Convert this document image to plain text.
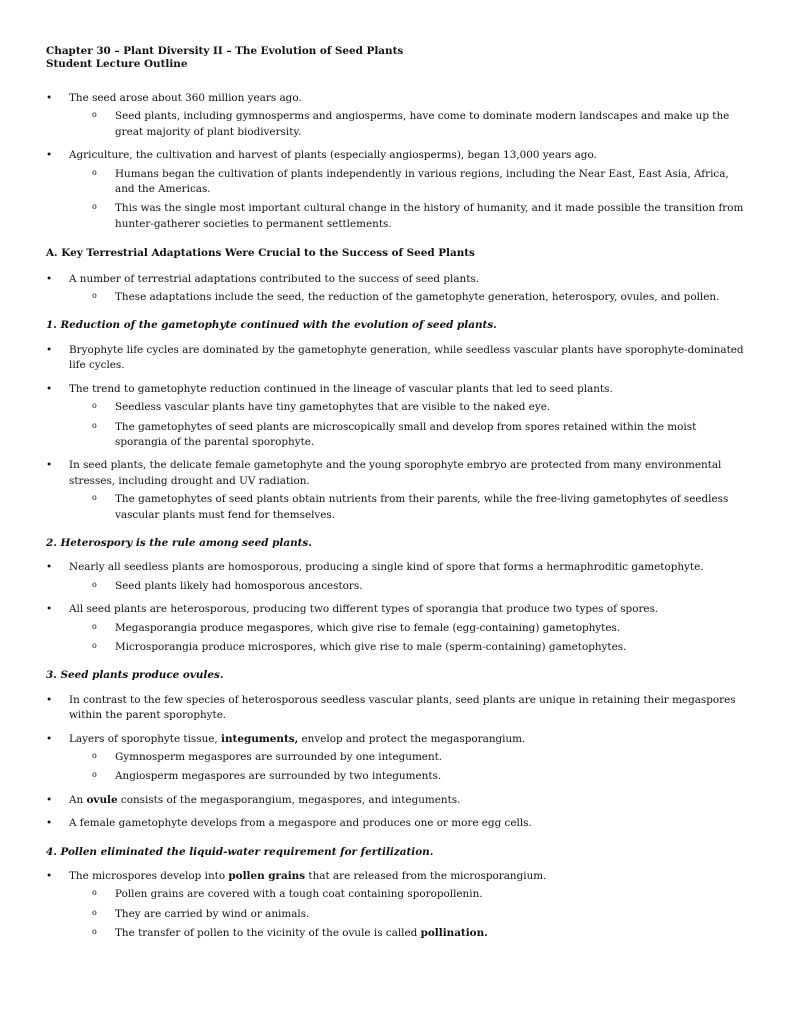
Chapter 30 – Plant Diversity II – The Evolution of Seed Plants
Student Lecture Outline
• The seed arose about 360 million years ago.
o Seed plants, including gymnosperms and angiosperms, have come to dominate modern landscapes and make up the great majority of plant biodiversity.
• Agriculture, the cultivation and harvest of plants (especially angiosperms), began 13,000 years ago.
o Humans began the cultivation of plants independently in various regions, including the Near East, East Asia, Africa, and the Americas.
o This was the single most important cultural change in the history of humanity, and it made possible the transition from hunter-gatherer societies to permanent settlements.
A. Key Terrestrial Adaptations Were Crucial to the Success of Seed Plants
• A number of terrestrial adaptations contributed to the success of seed plants.
o These adaptations include the seed, the reduction of the gametophyte generation, heterospory, ovules, and pollen.
1. Reduction of the gametophyte continued with the evolution of seed plants.
• Bryophyte life cycles are dominated by the gametophyte generation, while seedless vascular plants have sporophyte-dominated life cycles.
• The trend to gametophyte reduction continued in the lineage of vascular plants that led to seed plants.
o Seedless vascular plants have tiny gametophytes that are visible to the naked eye.
o The gametophytes of seed plants are microscopically small and develop from spores retained within the moist sporangia of the parental sporophyte.
• In seed plants, the delicate female gametophyte and the young sporophyte embryo are protected from many environmental stresses, including drought and UV radiation.
o The gametophytes of seed plants obtain nutrients from their parents, while the free-living gametophytes of seedless vascular plants must fend for themselves.
2. Heterospory is the rule among seed plants.
• Nearly all seedless plants are homosporous, producing a single kind of spore that forms a hermaphroditic gametophyte.
o Seed plants likely had homosporous ancestors.
• All seed plants are heterosporous, producing two different types of sporangia that produce two types of spores.
o Megasporangia produce megaspores, which give rise to female (egg-containing) gametophytes.
o Microsporangia produce microspores, which give rise to male (sperm-containing) gametophytes.
3. Seed plants produce ovules.
• In contrast to the few species of heterosporous seedless vascular plants, seed plants are unique in retaining their megaspores within the parent sporophyte.
• Layers of sporophyte tissue, integuments, envelop and protect the megasporangium.
o Gymnosperm megaspores are surrounded by one integument.
o Angiosperm megaspores are surrounded by two integuments.
• An ovule consists of the megasporangium, megaspores, and integuments.
• A female gametophyte develops from a megaspore and produces one or more egg cells.
4. Pollen eliminated the liquid-water requirement for fertilization.
• The microspores develop into pollen grains that are released from the microsporangium.
o Pollen grains are covered with a tough coat containing sporopollenin.
o They are carried by wind or animals.
o The transfer of pollen to the vicinity of the ovule is called pollination.
